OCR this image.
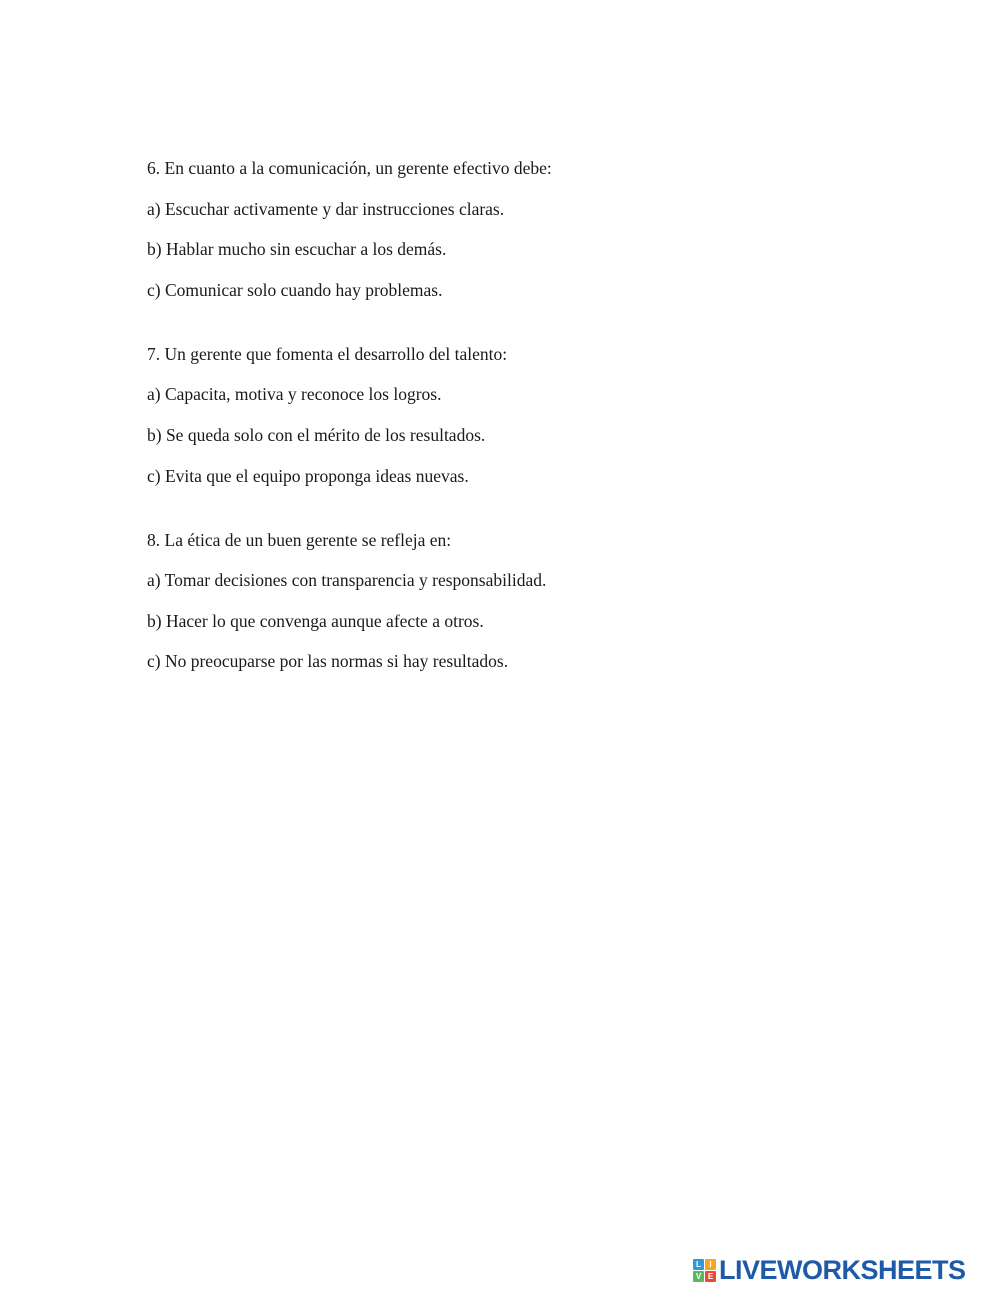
6. En cuanto a la comunicación, un gerente efectivo debe:
a) Escuchar activamente y dar instrucciones claras.
b) Hablar mucho sin escuchar a los demás.
c) Comunicar solo cuando hay problemas.
7. Un gerente que fomenta el desarrollo del talento:
a) Capacita, motiva y reconoce los logros.
b) Se queda solo con el mérito de los resultados.
c) Evita que el equipo proponga ideas nuevas.
8. La ética de un buen gerente se refleja en:
a) Tomar decisiones con transparencia y responsabilidad.
b) Hacer lo que convenga aunque afecte a otros.
c) No preocuparse por las normas si hay resultados.
L	I
V E LIVEWORKSHEETS
